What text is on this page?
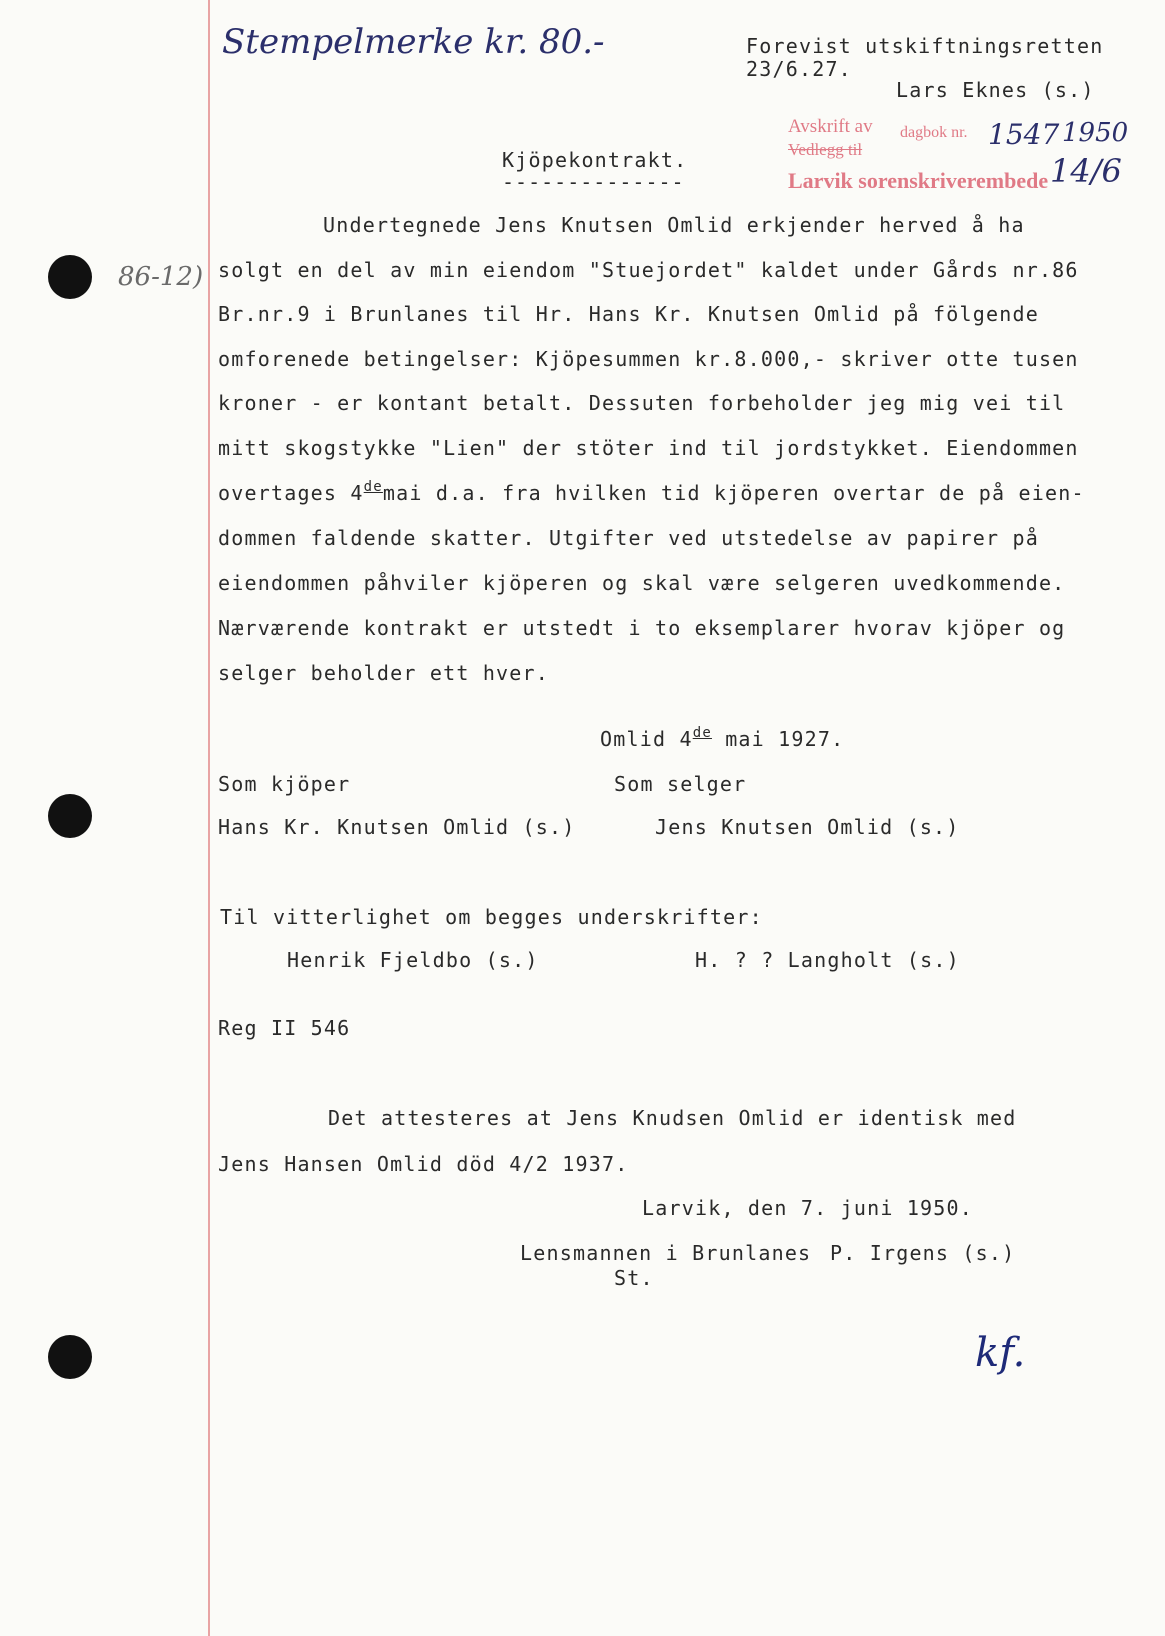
Stempelmerke kr. 80.-	Forevist utskiftningsretten
23/6.27.
Lars Eknes (s.)
Avskrift av dagbok nr. 1547 1950
Vedlegg til
Larvik sorenskriverembede 14/6
86-12)
Kjöpekontrakt.
--------------
Undertegnede Jens Knutsen Omlid erkjender herved å ha
solgt en del av min eiendom "Stuejordet" kaldet under Gårds nr.86
Br.nr.9 i Brunlanes til Hr. Hans Kr. Knutsen Omlid på fölgende
omforenede betingelser: Kjöpesummen kr.8.000,- skriver otte tusen
kroner - er kontant betalt. Dessuten forbeholder jeg mig vei til
mitt skogstykke "Lien" der stöter ind til jordstykket. Eiendommen
overtages 4demai d.a. fra hvilken tid kjöperen overtar de på eien-
dommen faldende skatter. Utgifter ved utstedelse av papirer på
eiendommen påhviler kjöperen og skal være selgeren uvedkommende.
Nærværende kontrakt er utstedt i to eksemplarer hvorav kjöper og
selger beholder ett hver.
Omlid 4de mai 1927.
Som kjöper	Som selger
Hans Kr. Knutsen Omlid (s.)	Jens Knutsen Omlid (s.)
Til vitterlighet om begges underskrifter:
Henrik Fjeldbo (s.)	H. ? ? Langholt (s.)
Reg II 546
Det attesteres at Jens Knudsen Omlid er identisk med
Jens Hansen Omlid död 4/2 1937.
Larvik, den 7. juni 1950.
Lensmannen i Brunlanes P. Irgens (s.)
St.
kf.
